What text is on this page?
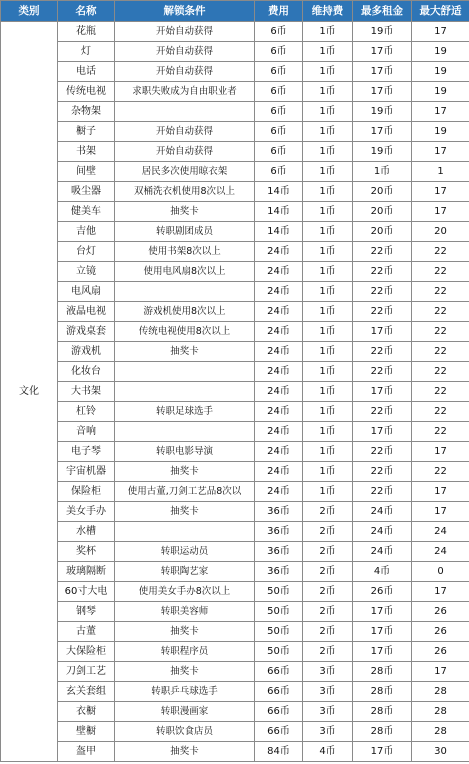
类别	名称	解锁条件	费用	维持费	最多租金	最大舒适
文化	花瓶	开始自动获得	6币	1币	19币	17
	灯	开始自动获得	6币	1币	17币	19
	电话	开始自动获得	6币	1币	17币	19
	传统电视	求职失败成为自由职业者	6币	1币	17币	19
	杂物架		6币	1币	19币	17
	橱子	开始自动获得	6币	1币	17币	19
	书架	开始自动获得	6币	1币	19币	17
	间壁	居民多次使用晾衣架	6币	1币	1币	1
	吸尘器	双桶洗衣机使用8次以上	14币	1币	20币	17
	健美车	抽奖卡	14币	1币	20币	17
	吉他	转职剧团成员	14币	1币	20币	20
	台灯	使用书架8次以上	24币	1币	22币	22
	立镜	使用电风扇8次以上	24币	1币	22币	22
	电风扇		24币	1币	22币	22
	液晶电视	游戏机使用8次以上	24币	1币	22币	22
	游戏桌套	传统电视使用8次以上	24币	1币	17币	22
	游戏机	抽奖卡	24币	1币	22币	22
	化妆台		24币	1币	22币	22
	大书架		24币	1币	17币	22
	杠铃	转职足球选手	24币	1币	22币	22
	音响		24币	1币	17币	22
	电子琴	转职电影导演	24币	1币	22币	17
	宇宙机器	抽奖卡	24币	1币	22币	22
	保险柜	使用古董,刀剑工艺品8次以	24币	1币	22币	17
	美女手办	抽奖卡	36币	2币	24币	17
	水槽		36币	2币	24币	24
	奖杯	转职运动员	36币	2币	24币	24
	玻璃隔断	转职陶艺家	36币	2币	4币	0
	60寸大电	使用美女手办8次以上	50币	2币	26币	17
	钢琴	转职美容师	50币	2币	17币	26
	古董	抽奖卡	50币	2币	17币	26
	大保险柜	转职程序员	50币	2币	17币	26
	刀剑工艺	抽奖卡	66币	3币	28币	17
	玄关套组	转职乒乓球选手	66币	3币	28币	28
	衣橱	转职漫画家	66币	3币	28币	28
	壁橱	转职饮食店员	66币	3币	28币	28
	盔甲	抽奖卡	84币	4币	17币	30
